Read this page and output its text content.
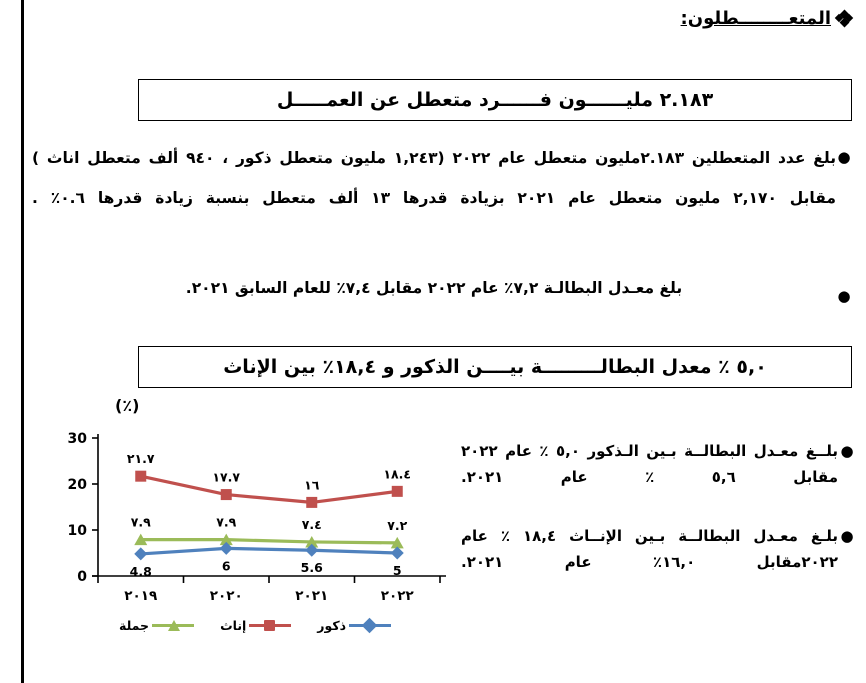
المتعــــــــطلون:
٢.١٨٣ مليــــــون فــــــرد متعطل عن العمـــــل
●
بلغ عدد المتعطلين ٢.١٨٣مليون متعطل عام ٢٠٢٢ (١,٢٤٣ مليون متعطل ذكور ، ٩٤٠ ألف متعطل اناث ) مقابل ٢,١٧٠ مليون متعطل عام ٢٠٢١ بزيادة قدرها ١٣ ألف متعطل بنسبة زيادة قدرها ٠.٦٪ .
●
بلغ معـدل البطالـة ٧,٢٪ عام ٢٠٢٢ مقابل ٧,٤٪ للعام السابق ٢٠٢١.
٥,٠ ٪ معدل البطالـــــــــة بيــــن الذكور و ١٨,٤٪ بين الإناث
●
بلــغ معـدل البطالــة بـين الـذكور ٥,٠ ٪ عام ٢٠٢٢ مقابل ٥,٦ ٪ عام ٢٠٢١.
●
بلـغ معـدل البطالــة بـين الإنــاث ١٨,٤ ٪ عام ٢٠٢٢مقابل ١٦,٠٪ عام ٢٠٢١.
(٪)
0
10
20
30
٢٠١٩	٢٠٢٠	٢٠٢١	٢٠٢٢
٢١.٧
١٧.٧
١٦
١٨.٤
٧.٩	٧.٩	٧.٤	٧.٢
4.8	6	5.6	5
ذكور
إناث
جملة
